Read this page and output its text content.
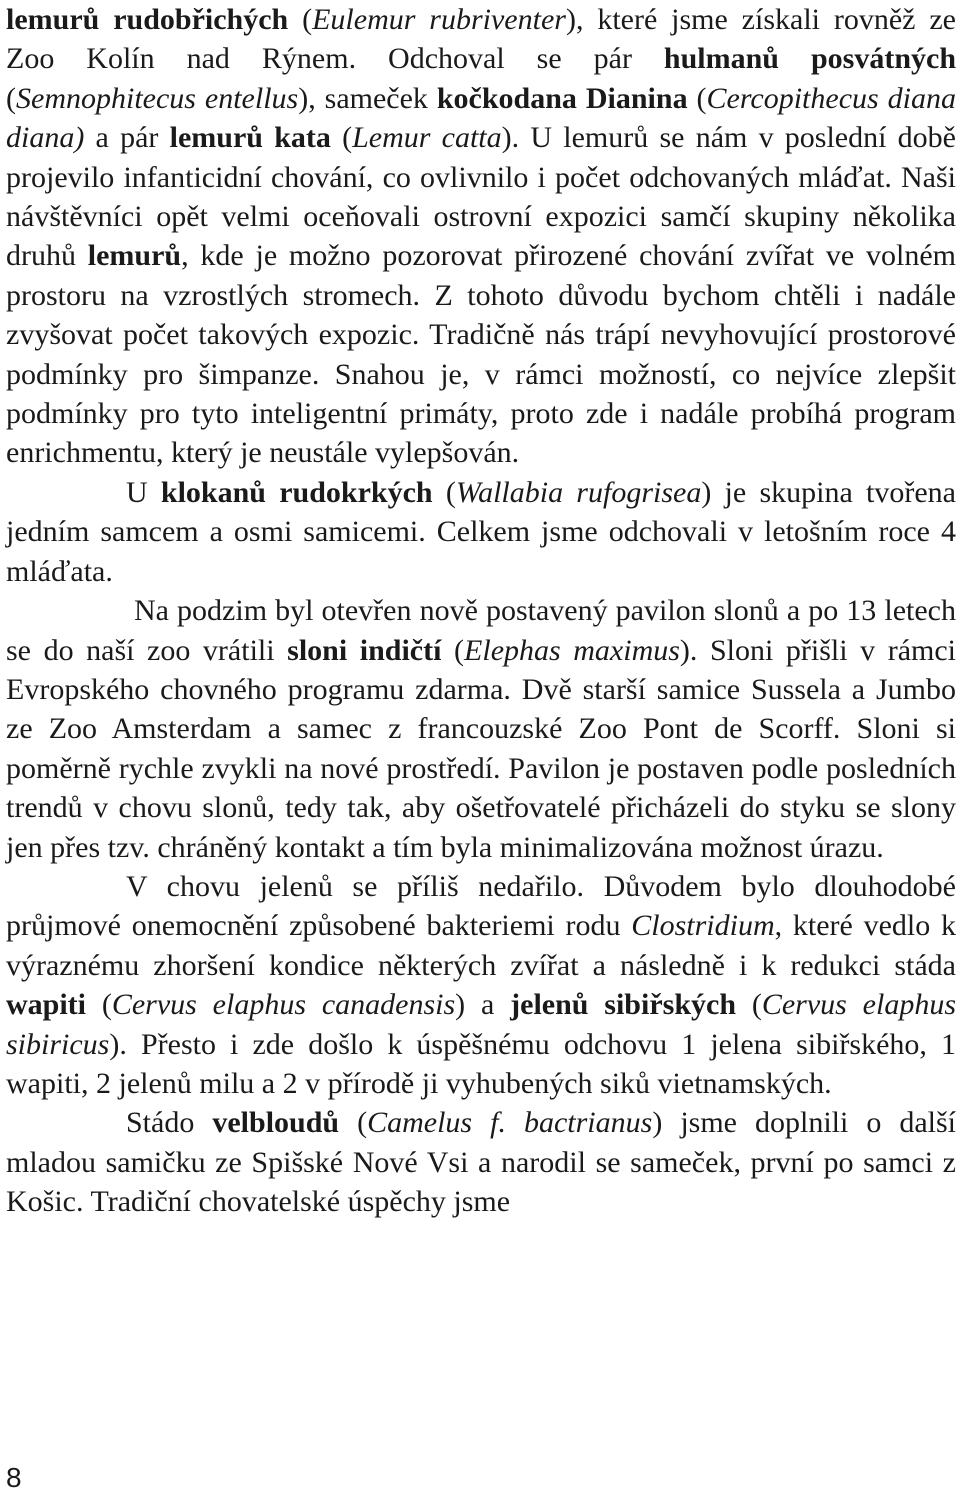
lemurů rudobřichých (Eulemur rubriventer), které jsme získali rovněž ze Zoo Kolín nad Rýnem. Odchoval se pár hulmanů posvátných (Semnophitecus entellus), sameček kočkodana Dianina (Cercopithecus diana diana) a pár lemurů kata (Lemur catta). U lemurů se nám v poslední době projevilo infanticidní chování, co ovlivnilo i počet odchovaných mláďat. Naši návštěvníci opět velmi oceňovali ostrovní expozici samčí skupiny několika druhů lemurů, kde je možno pozorovat přirozené chování zvířat ve volném prostoru na vzrostlých stromech. Z tohoto důvodu bychom chtěli i nadále zvyšovat počet takových expozic. Tradičně nás trápí nevyhovující prostorové podmínky pro šimpanze. Snahou je, v rámci možností, co nejvíce zlepšit podmínky pro tyto inteligentní primáty, proto zde i nadále probíhá program enrichmentu, který je neustále vylepšován.

U klokanů rudokrkých (Wallabia rufogrisea) je skupina tvořena jedním samcem a osmi samicemi. Celkem jsme odchovali v letošním roce 4 mláďata.

Na podzim byl otevřen nově postavený pavilon slonů a po 13 letech se do naší zoo vrátili sloni indičtí (Elephas maximus). Sloni přišli v rámci Evropského chovného programu zdarma. Dvě starší samice Sussela a Jumbo ze Zoo Amsterdam a samec z francouzské Zoo Pont de Scorff. Sloni si poměrně rychle zvykli na nové prostředí. Pavilon je postaven podle posledních trendů v chovu slonů, tedy tak, aby ošetřovatelé přicházeli do styku se slony jen přes tzv. chráněný kontakt a tím byla minimalizována možnost úrazu.

V chovu jelenů se příliš nedařilo. Důvodem bylo dlouhodobé průjmové onemocnění způsobené bakteriemi rodu Clostridium, které vedlo k výraznému zhoršení kondice některých zvířat a následně i k redukci stáda wapiti (Cervus elaphus canadensis) a jelenů sibiřských (Cervus elaphus sibiricus). Přesto i zde došlo k úspěšnému odchovu 1 jelena sibiřského, 1 wapiti, 2 jelenů milu a 2 v přírodě ji vyhubených siků vietnamských.

Stádo velbloudů (Camelus f. bactrianus) jsme doplnili o další mladou samičku ze Spišské Nové Vsi a narodil se sameček, první po samci z Košic. Tradiční chovatelské úspěchy jsme

8
